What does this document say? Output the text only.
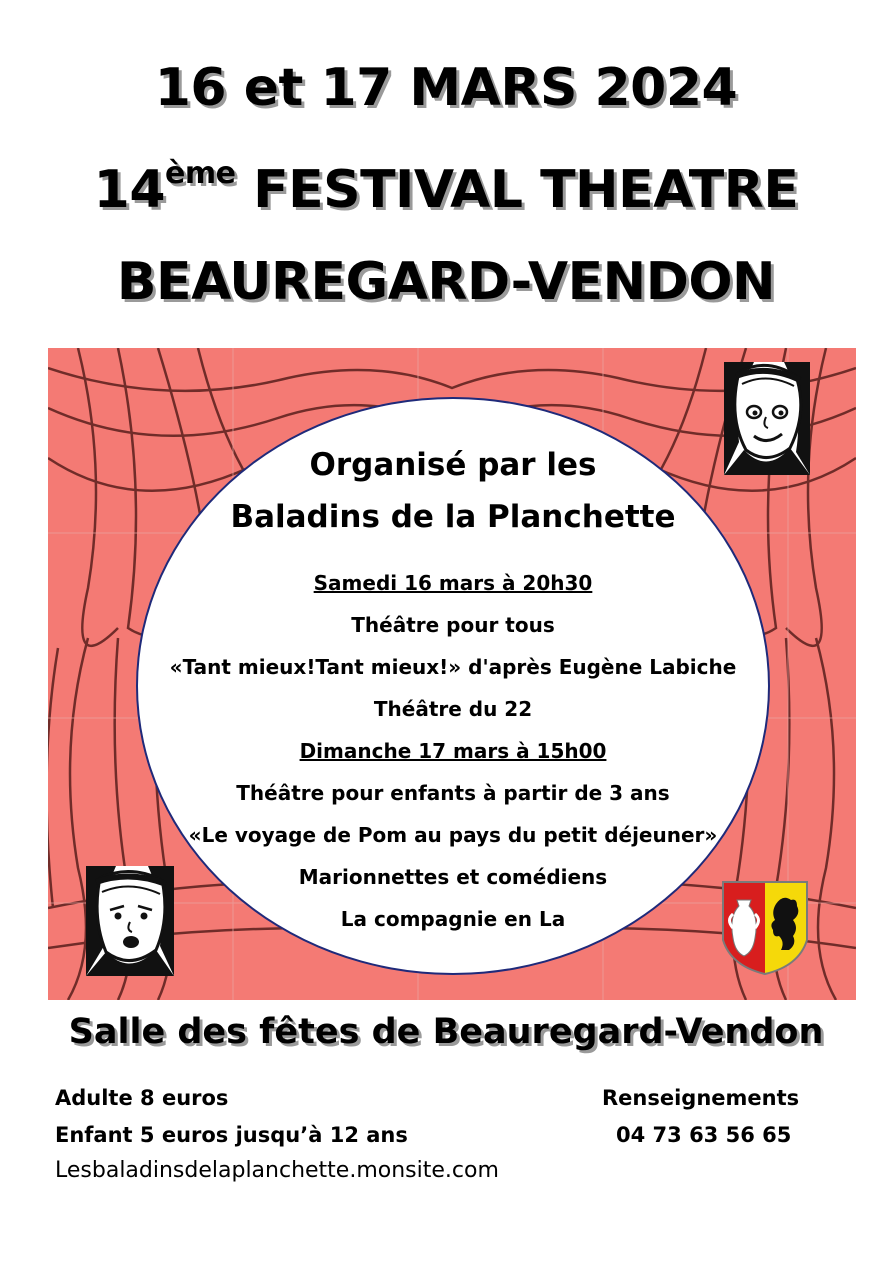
16 et 17 MARS 2024
14ème FESTIVAL THEATRE
BEAUREGARD-VENDON

Organisé par les

Baladins de la Planchette

Samedi 16 mars à 20h30

Théâtre pour tous

«Tant mieux!Tant mieux!» d'après Eugène Labiche

Théâtre du 22

Dimanche 17 mars à 15h00

Théâtre pour enfants à partir de 3 ans

«Le voyage de Pom au pays du petit déjeuner»

Marionnettes et comédiens

La compagnie en La

Salle des fêtes de Beauregard-Vendon

Adulte 8 euros

Enfant 5 euros jusqu’à 12 ans

Lesbaladinsdelaplanchette.monsite.com

Renseignements

04 73 63 56 65
